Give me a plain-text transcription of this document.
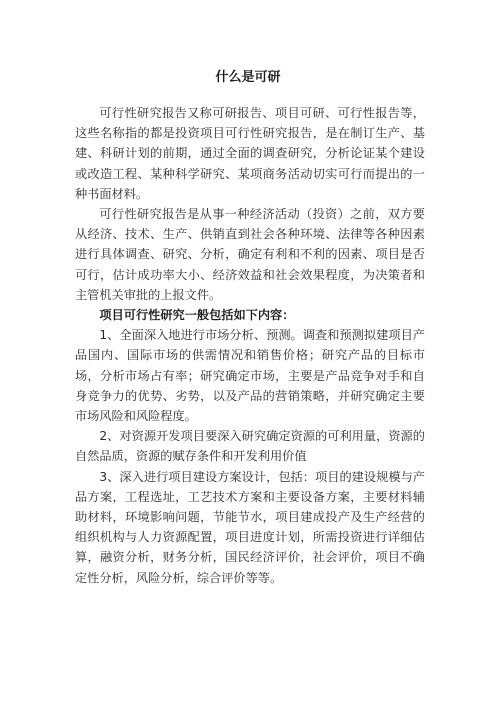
什么是可研

可行性研究报告又称可研报告、项目可研、可行性报告等，这些名称指的都是投资项目可行性研究报告，是在制订生产、基建、科研计划的前期，通过全面的调查研究，分析论证某个建设或改造工程、某种科学研究、某项商务活动切实可行而提出的一种书面材料。

可行性研究报告是从事一种经济活动（投资）之前，双方要从经济、技术、生产、供销直到社会各种环境、法律等各种因素进行具体调查、研究、分析，确定有利和不利的因素、项目是否可行，估计成功率大小、经济效益和社会效果程度，为决策者和主管机关审批的上报文件。

项目可行性研究一般包括如下内容：

1、全面深入地进行市场分析、预测。调查和预测拟建项目产品国内、国际市场的供需情况和销售价格；研究产品的目标市场，分析市场占有率；研究确定市场，主要是产品竞争对手和自身竞争力的优势、劣势，以及产品的营销策略，并研究确定主要市场风险和风险程度。

2、对资源开发项目要深入研究确定资源的可利用量，资源的自然品质，资源的赋存条件和开发利用价值

3、深入进行项目建设方案设计，包括：项目的建设规模与产品方案，工程选址，工艺技术方案和主要设备方案，主要材料辅助材料，环境影响问题，节能节水，项目建成投产及生产经营的组织机构与人力资源配置，项目进度计划，所需投资进行详细估算，融资分析，财务分析，国民经济评价，社会评价，项目不确定性分析，风险分析，综合评价等等。
